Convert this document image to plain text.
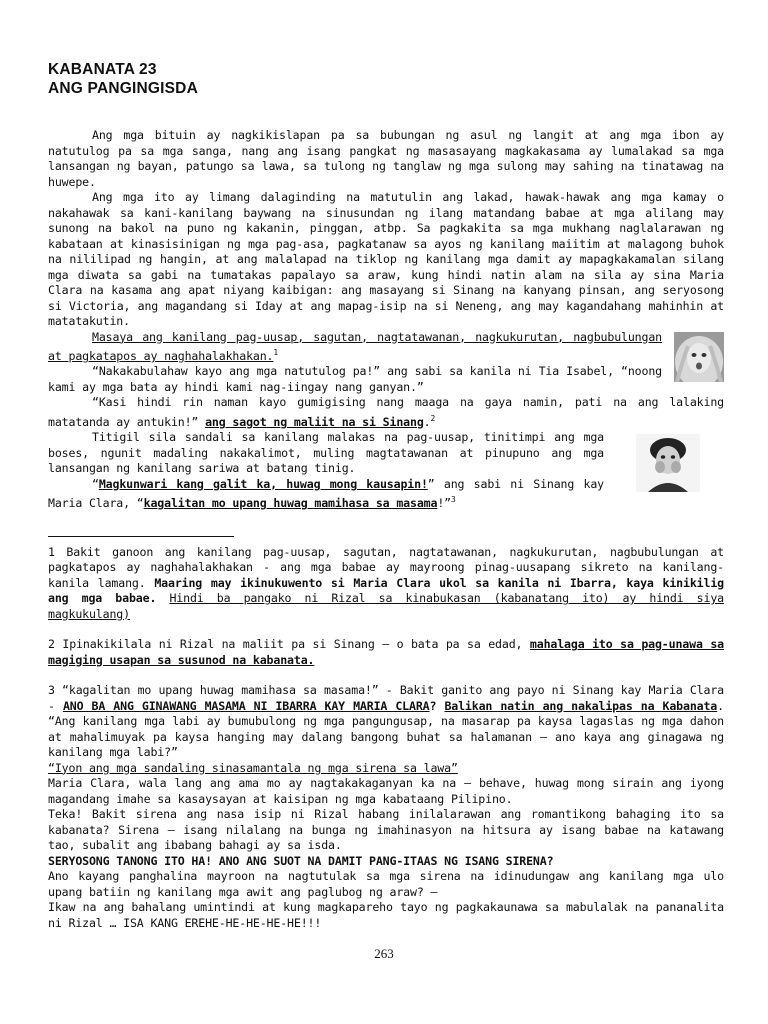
KABANATA 23
ANG PANGINGISDA

Ang mga bituin ay nagkikislapan pa sa bubungan ng asul ng langit at ang mga ibon ay natutulog pa sa mga sanga, nang ang isang pangkat ng masasayang magkakasama ay lumalakad sa mga lansangan ng bayan, patungo sa lawa, sa tulong ng tanglaw ng mga sulong may sahing na tinatawag na huwepe.

Ang mga ito ay limang dalaginding na matutulin ang lakad, hawak-hawak ang mga kamay o nakahawak sa kani-kanilang baywang na sinusundan ng ilang matandang babae at mga alilang may sunong na bakol na puno ng kakanin, pinggan, atbp. Sa pagkakita sa mga mukhang naglalarawan ng kabataan at kinasisinigan ng mga pag-asa, pagkatanaw sa ayos ng kanilang maiitim at malagong buhok na nililipad ng hangin, at ang malalapad na tiklop ng kanilang mga damit ay mapagkakamalan silang mga diwata sa gabi na tumatakas papalayo sa araw, kung hindi natin alam na sila ay sina Maria Clara na kasama ang apat niyang kaibigan: ang masayang si Sinang na kanyang pinsan, ang seryosong si Victoria, ang magandang si Iday at ang mapag-isip na si Neneng, ang may kagandahang mahinhin at matatakutin.

Masaya ang kanilang pag-uusap, sagutan, nagtatawanan, nagkukurutan, nagbubulungan at pagkatapos ay naghahalakhakan.$^1$

“Nakakabulahaw kayo ang mga natutulog pa!” ang sabi sa kanila ni Tia Isabel, “noong kami ay mga bata ay hindi kami nag-iingay nang ganyan.”

“Kasi hindi rin naman kayo gumigising nang maaga na gaya namin, pati na ang lalaking matatanda ay antukin!” ang sagot ng maliit na si Sinang.$^2$

Titigil sila sandali sa kanilang malakas na pag-uusap, tinitimpi ang mga boses, ngunit madaling nakakalimot, muling magtatawanan at pinupuno ang mga lansangan ng kanilang sariwa at batang tinig.

“Magkunwari kang galit ka, huwag mong kausapin!” ang sabi ni Sinang kay Maria Clara, “kagalitan mo upang huwag mamihasa sa masama!”$^3$

1 Bakit ganoon ang kanilang pag-uusap, sagutan, nagtatawanan, nagkukurutan, nagbubulungan at pagkatapos ay naghahalakhakan - ang mga babae ay mayroong pinag-uusapang sikreto na kanilang-kanila lamang. Maaring may ikinukuwento si Maria Clara ukol sa kanila ni Ibarra, kaya kinikilig ang mga babae. Hindi ba pangako ni Rizal sa kinabukasan (kabanatang ito) ay hindi siya magkukulang)

2 Ipinakikilala ni Rizal na maliit pa si Sinang – o bata pa sa edad, mahalaga ito sa pag-unawa sa magiging usapan sa susunod na kabanata.

3 “kagalitan mo upang huwag mamihasa sa masama!” - Bakit ganito ang payo ni Sinang kay Maria Clara - ANO BA ANG GINAWANG MASAMA NI IBARRA KAY MARIA CLARA? Balikan natin ang nakalipas na Kabanata. “Ang kanilang mga labi ay bumubulong ng mga pangungusap, na masarap pa kaysa lagaslas ng mga dahon at mahalimuyak pa kaysa hanging may dalang bangong buhat sa halamanan – ano kaya ang ginagawa ng kanilang mga labi?”

“Iyon ang mga sandaling sinasamantala ng mga sirena sa lawa”

Maria Clara, wala lang ang ama mo ay nagtakakaganyan ka na – behave, huwag mong sirain ang iyong magandang imahe sa kasaysayan at kaisipan ng mga kabataang Pilipino.

Teka! Bakit sirena ang nasa isip ni Rizal habang inilalarawan ang romantikong bahaging ito sa kabanata? Sirena – isang nilalang na bunga ng imahinasyon na hitsura ay isang babae na katawang tao, subalit ang ibabang bahagi ay sa isda.

SERYOSONG TANONG ITO HA! ANO ANG SUOT NA DAMIT PANG-ITAAS NG ISANG SIRENA?

Ano kayang panghalina mayroon na nagtutulak sa mga sirena na idinudungaw ang kanilang mga ulo upang batiin ng kanilang mga awit ang paglubog ng araw? –

Ikaw na ang bahalang umintindi at kung magkapareho tayo ng pagkakaunawa sa mabulalak na pananalita ni Rizal … ISA KANG EREHE-HE-HE-HE-HE!!!

263
